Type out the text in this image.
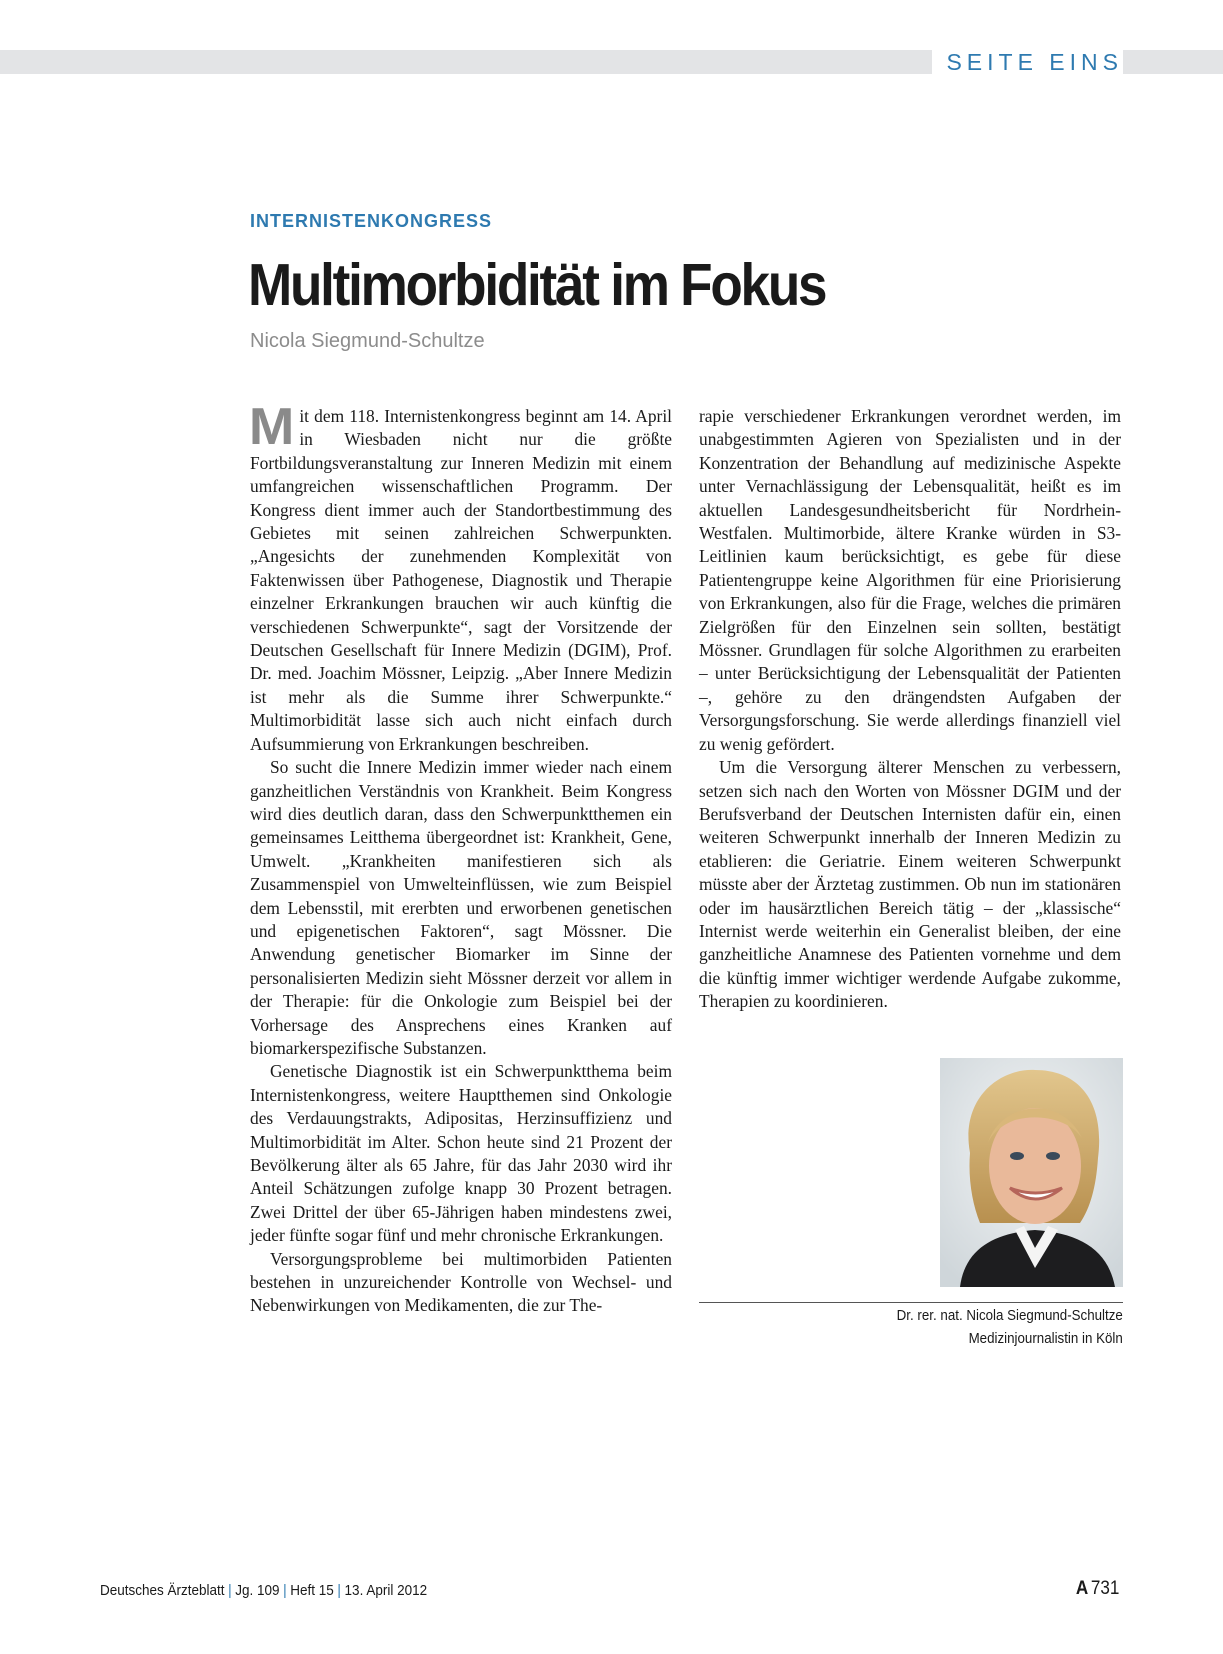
SEITE EINS
INTERNISTENKONGRESS
Multimorbidität im Fokus
Nicola Siegmund-Schultze

Mit dem 118. Internistenkongress beginnt am 14. April in Wiesbaden nicht nur die größte Fortbildungsveranstaltung zur Inneren Medizin mit einem umfangreichen wissenschaftlichen Programm. Der Kongress dient immer auch der Standortbestimmung des Gebietes mit seinen zahlreichen Schwerpunkten. „Angesichts der zunehmenden Komplexität von Faktenwissen über Pathogenese, Diagnostik und Therapie einzelner Erkrankungen brauchen wir auch künftig die verschiedenen Schwerpunkte“, sagt der Vorsitzende der Deutschen Gesellschaft für Innere Medizin (DGIM), Prof. Dr. med. Joachim Mössner, Leipzig. „Aber Innere Medizin ist mehr als die Summe ihrer Schwerpunkte.“ Multimorbidität lasse sich auch nicht einfach durch Aufsummierung von Erkrankungen beschreiben.

So sucht die Innere Medizin immer wieder nach einem ganzheitlichen Verständnis von Krankheit. Beim Kongress wird dies deutlich daran, dass den Schwerpunktthemen ein gemeinsames Leitthema übergeordnet ist: Krankheit, Gene, Umwelt. „Krankheiten manifestieren sich als Zusammenspiel von Umwelteinflüssen, wie zum Beispiel dem Lebensstil, mit ererbten und erworbenen genetischen und epigenetischen Faktoren“, sagt Mössner. Die Anwendung genetischer Biomarker im Sinne der personalisierten Medizin sieht Mössner derzeit vor allem in der Therapie: für die Onkologie zum Beispiel bei der Vorhersage des Ansprechens eines Kranken auf biomarkerspezifische Substanzen.

Genetische Diagnostik ist ein Schwerpunktthema beim Internistenkongress, weitere Hauptthemen sind Onkologie des Verdauungstrakts, Adipositas, Herzinsuffizienz und Multimorbidität im Alter. Schon heute sind 21 Prozent der Bevölkerung älter als 65 Jahre, für das Jahr 2030 wird ihr Anteil Schätzungen zufolge knapp 30 Prozent betragen. Zwei Drittel der über 65-Jährigen haben mindestens zwei, jeder fünfte sogar fünf und mehr chronische Erkrankungen.

Versorgungsprobleme bei multimorbiden Patienten bestehen in unzureichender Kontrolle von Wechsel- und Nebenwirkungen von Medikamenten, die zur The-

rapie verschiedener Erkrankungen verordnet werden, im unabgestimmten Agieren von Spezialisten und in der Konzentration der Behandlung auf medizinische Aspekte unter Vernachlässigung der Lebensqualität, heißt es im aktuellen Landesgesundheitsbericht für Nordrhein-Westfalen. Multimorbide, ältere Kranke würden in S3-Leitlinien kaum berücksichtigt, es gebe für diese Patientengruppe keine Algorithmen für eine Priorisierung von Erkrankungen, also für die Frage, welches die primären Zielgrößen für den Einzelnen sein sollten, bestätigt Mössner. Grundlagen für solche Algorithmen zu erarbeiten – unter Berücksichtigung der Lebensqualität der Patienten –, gehöre zu den drängendsten Aufgaben der Versorgungsforschung. Sie werde allerdings finanziell viel zu wenig gefördert.

Um die Versorgung älterer Menschen zu verbessern, setzen sich nach den Worten von Mössner DGIM und der Berufsverband der Deutschen Internisten dafür ein, einen weiteren Schwerpunkt innerhalb der Inneren Medizin zu etablieren: die Geriatrie. Einem weiteren Schwerpunkt müsste aber der Ärztetag zustimmen. Ob nun im stationären oder im hausärztlichen Bereich tätig – der „klassische“ Internist werde weiterhin ein Generalist bleiben, der eine ganzheitliche Anamnese des Patienten vornehme und dem die künftig immer wichtiger werdende Aufgabe zukomme, Therapien zu koordinieren.

Dr. rer. nat. Nicola Siegmund-Schultze
Medizinjournalistin in Köln
Deutsches Ärzteblatt | Jg. 109 | Heft 15 | 13. April 2012	A 731
